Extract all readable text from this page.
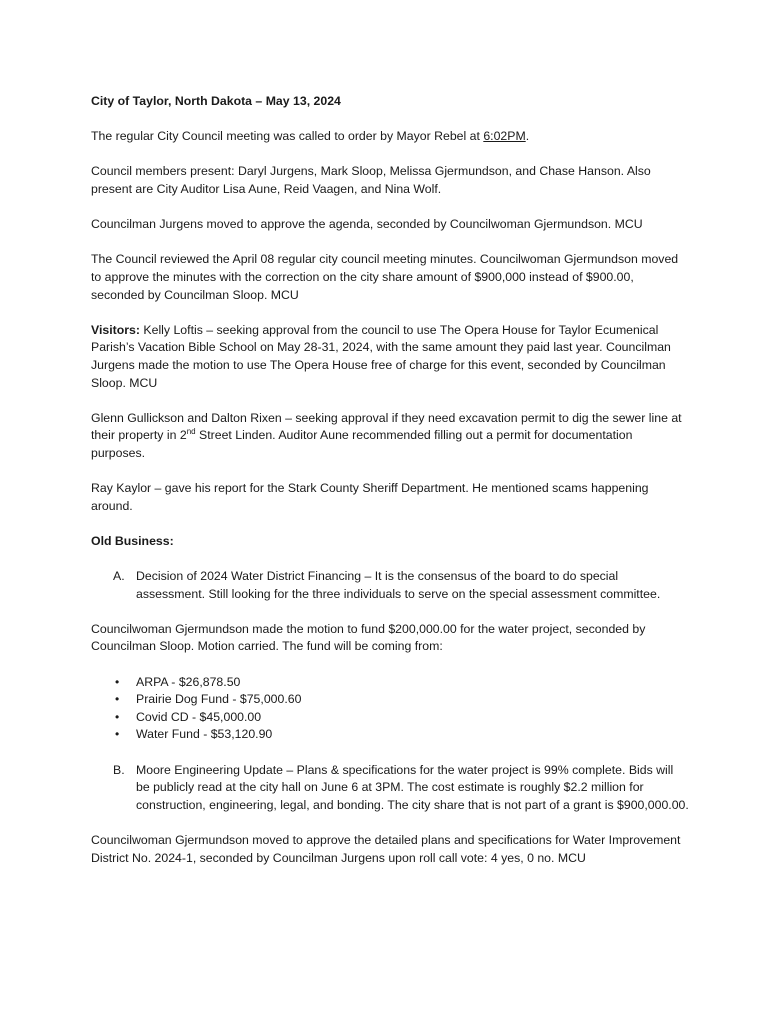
City of Taylor, North Dakota – May 13, 2024

The regular City Council meeting was called to order by Mayor Rebel at 6:02PM.

Council members present: Daryl Jurgens, Mark Sloop, Melissa Gjermundson, and Chase Hanson. Also present are City Auditor Lisa Aune, Reid Vaagen, and Nina Wolf.

Councilman Jurgens moved to approve the agenda, seconded by Councilwoman Gjermundson. MCU

The Council reviewed the April 08 regular city council meeting minutes. Councilwoman Gjermundson moved to approve the minutes with the correction on the city share amount of $900,000 instead of $900.00, seconded by Councilman Sloop. MCU

Visitors: Kelly Loftis – seeking approval from the council to use The Opera House for Taylor Ecumenical Parish’s Vacation Bible School on May 28-31, 2024, with the same amount they paid last year. Councilman Jurgens made the motion to use The Opera House free of charge for this event, seconded by Councilman Sloop. MCU

Glenn Gullickson and Dalton Rixen – seeking approval if they need excavation permit to dig the sewer line at their property in 2nd Street Linden. Auditor Aune recommended filling out a permit for documentation purposes.

Ray Kaylor – gave his report for the Stark County Sheriff Department. He mentioned scams happening around.

Old Business:

A. Decision of 2024 Water District Financing – It is the consensus of the board to do special assessment. Still looking for the three individuals to serve on the special assessment committee.

Councilwoman Gjermundson made the motion to fund $200,000.00 for the water project, seconded by Councilman Sloop. Motion carried. The fund will be coming from:

• ARPA - $26,878.50
• Prairie Dog Fund - $75,000.60
• Covid CD - $45,000.00
• Water Fund - $53,120.90
B. Moore Engineering Update – Plans & specifications for the water project is 99% complete. Bids will be publicly read at the city hall on June 6 at 3PM. The cost estimate is roughly $2.2 million for construction, engineering, legal, and bonding. The city share that is not part of a grant is $900,000.00.

Councilwoman Gjermundson moved to approve the detailed plans and specifications for Water Improvement District No. 2024-1, seconded by Councilman Jurgens upon roll call vote: 4 yes, 0 no. MCU
